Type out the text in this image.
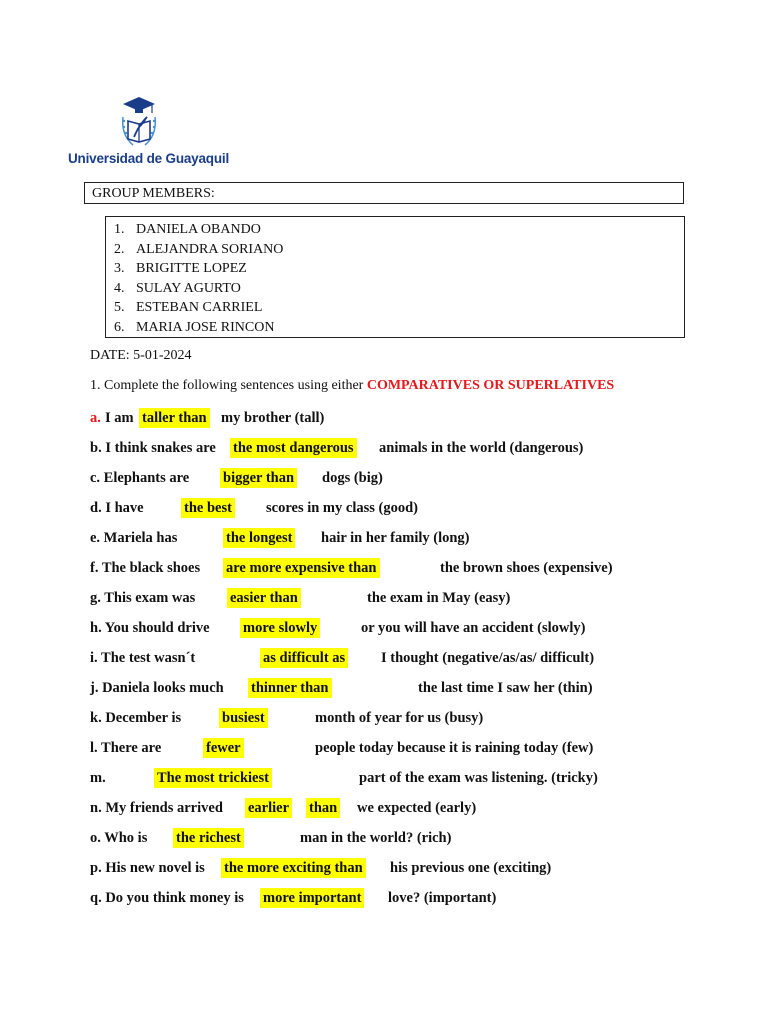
Universidad de Guayaquil
GROUP MEMBERS:
1. DANIELA OBANDO
2. ALEJANDRA SORIANO
3. BRIGITTE LOPEZ
4. SULAY AGURTO
5. ESTEBAN CARRIEL
6. MARIA JOSE RINCON
DATE: 5-01-2024
1. Complete the following sentences using either COMPARATIVES OR SUPERLATIVES
a. I am taller than my brother (tall)
b. I think snakes are the most dangerous animals in the world (dangerous)
c. Elephants are bigger than dogs (big)
d. I have	the best scores in my class (good)
e. Mariela has	the longest hair in her family (long)
f. The black shoes are more expensive than	the brown shoes (expensive)
g. This exam was easier than	the exam in May (easy)
h. You should drive more slowly	or you will have an accident (slowly)
i. The test wasn´t	as difficult as I thought (negative/as/as/ difficult)
j. Daniela looks much thinner than	the last time I saw her (thin)
k. December is	busiest	month of year for us (busy)
l. There are	fewer	people today because it is raining today (few)
m.	The most trickiest	part of the exam was listening. (tricky)
n. My friends arrived earlier than we expected (early)
o. Who is the richest	man in the world? (rich)
p. His new novel is the more exciting than his previous one (exciting)
q. Do you think money is more important love? (important)
